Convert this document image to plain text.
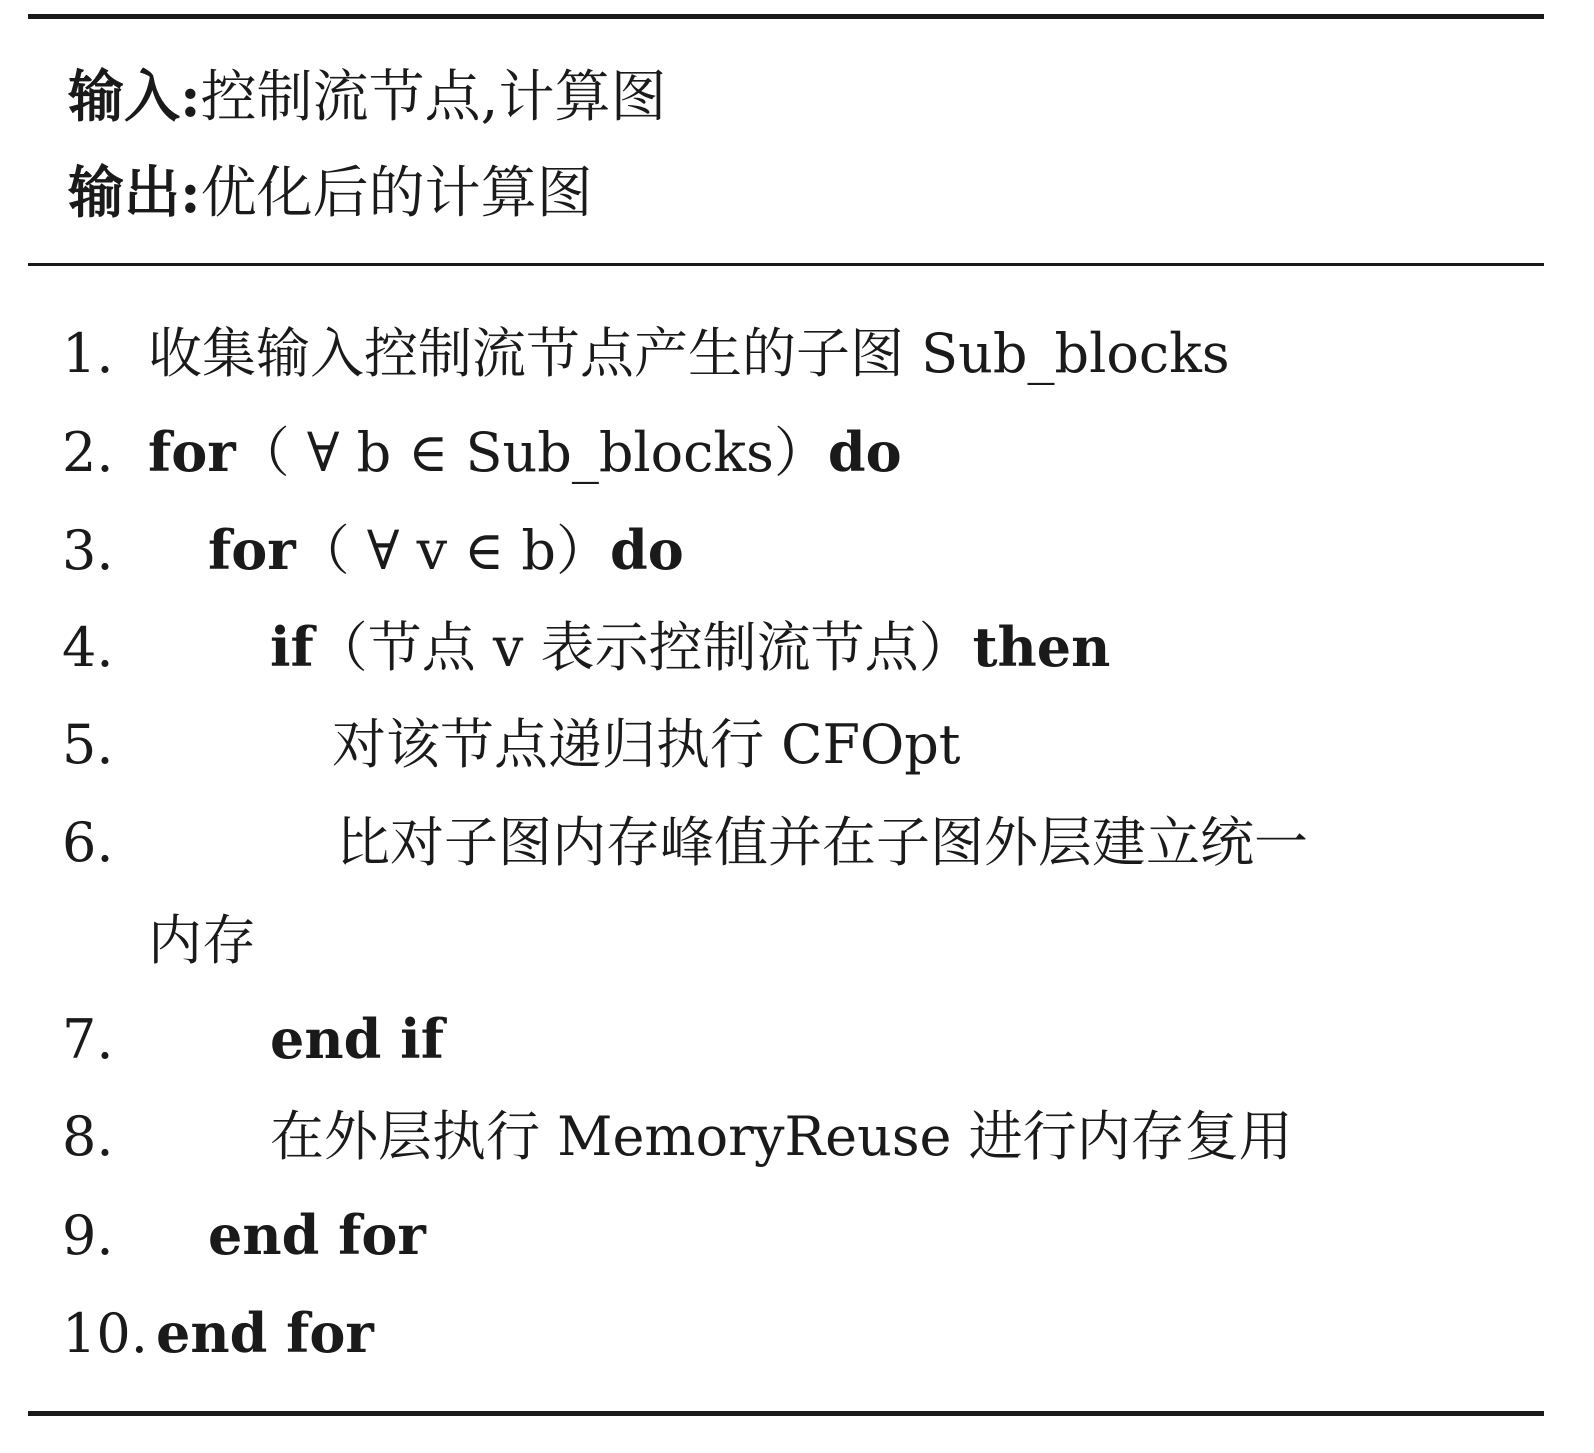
输入:控制流节点,计算图
输出:优化后的计算图
1. 收集输入控制流节点产生的子图 Sub_blocks
2. for（ ∀ b ∈ Sub_blocks）do
3. for（ ∀ v ∈ b）do
4.	if（节点 v 表示控制流节点）then
5.	对该节点递归执行 CFOpt
6.	比对子图内存峰值并在子图外层建立统一
内存
7.	end if
8.	在外层执行 MemoryReuse 进行内存复用
9. end for
10. end for
